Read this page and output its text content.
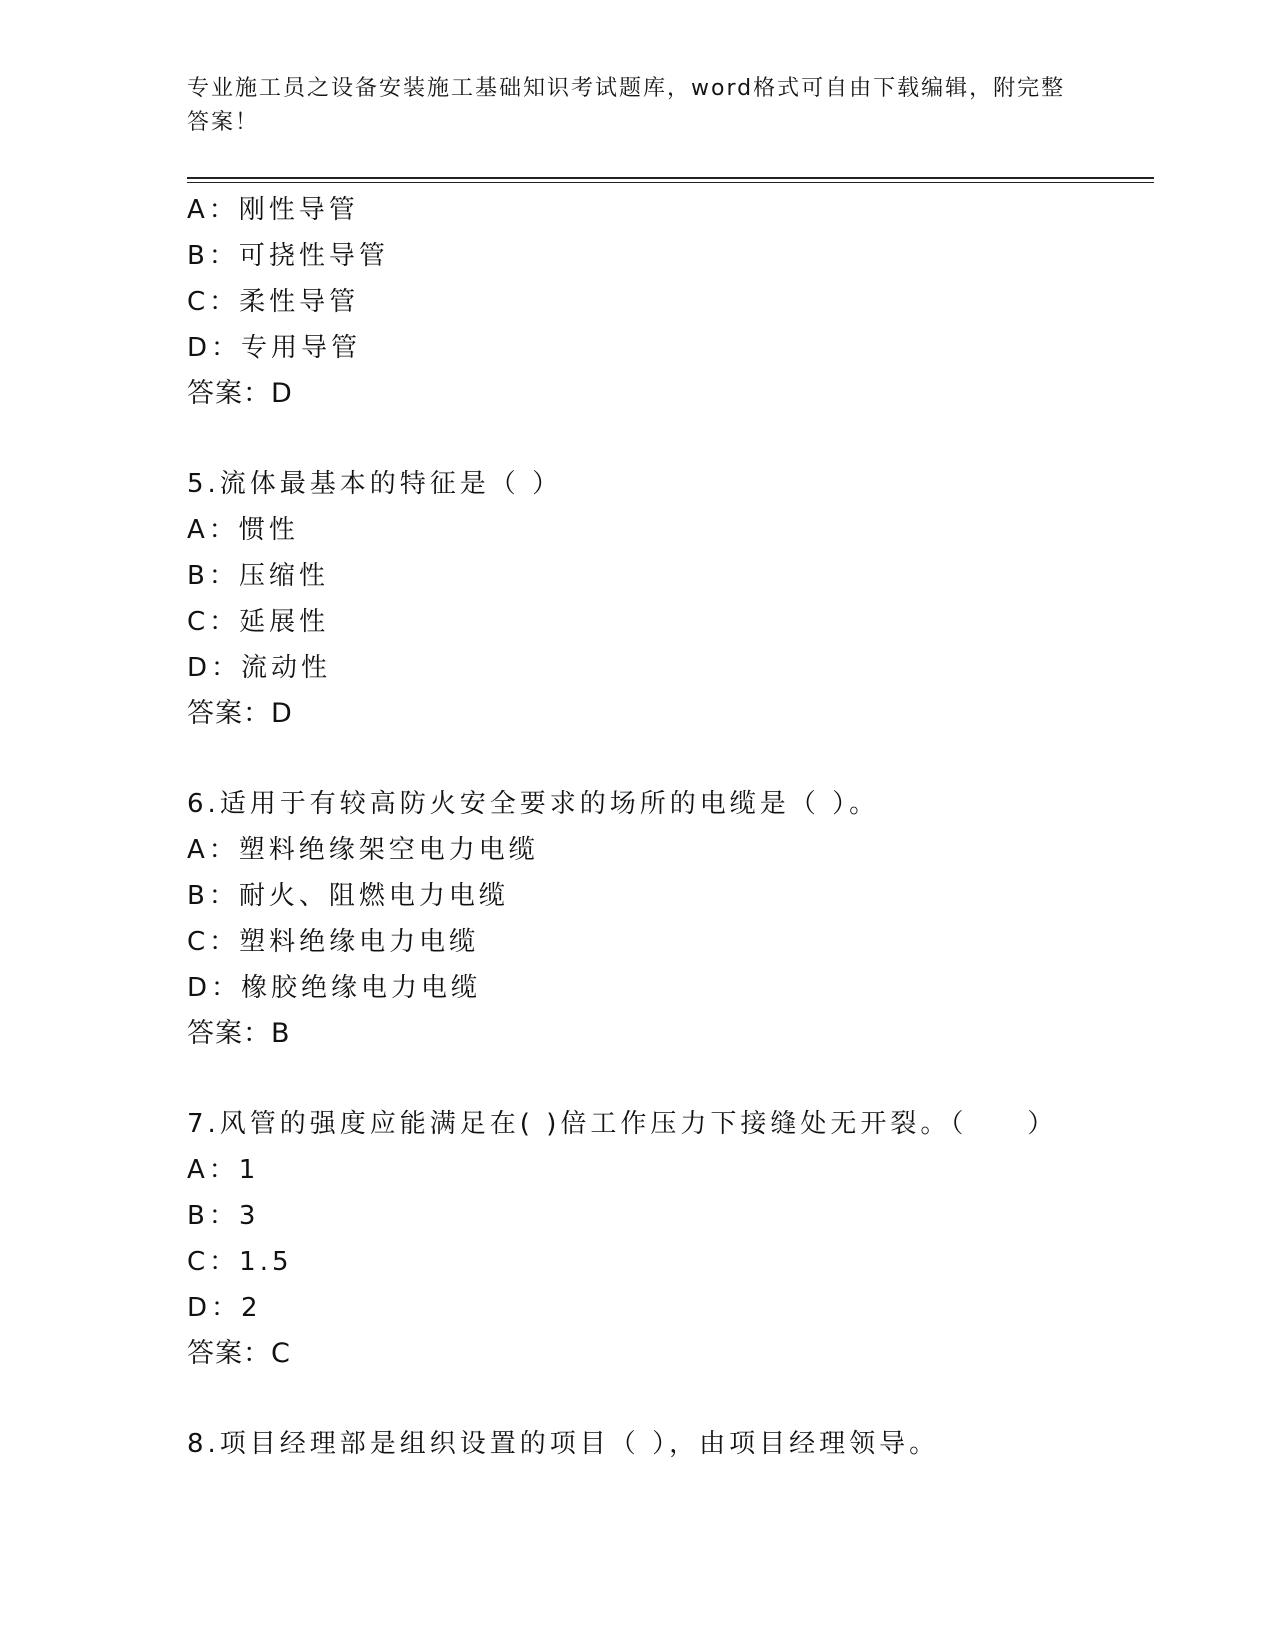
专业施工员之设备安装施工基础知识考试题库，word格式可自由下载编辑，附完整答案！
A：刚性导管
B：可挠性导管
C：柔性导管
D：专用导管
答案：D
5.流体最基本的特征是（ ）
A：惯性
B：压缩性
C：延展性
D：流动性
答案：D
6.适用于有较高防火安全要求的场所的电缆是（ ）。
A：塑料绝缘架空电力电缆
B：耐火、阻燃电力电缆
C：塑料绝缘电力电缆
D：橡胶绝缘电力电缆
答案：B
7.风管的强度应能满足在( )倍工作压力下接缝处无开裂。（　　）
A：1
B：3
C：1.5
D：2
答案：C
8.项目经理部是组织设置的项目（ ），由项目经理领导。
